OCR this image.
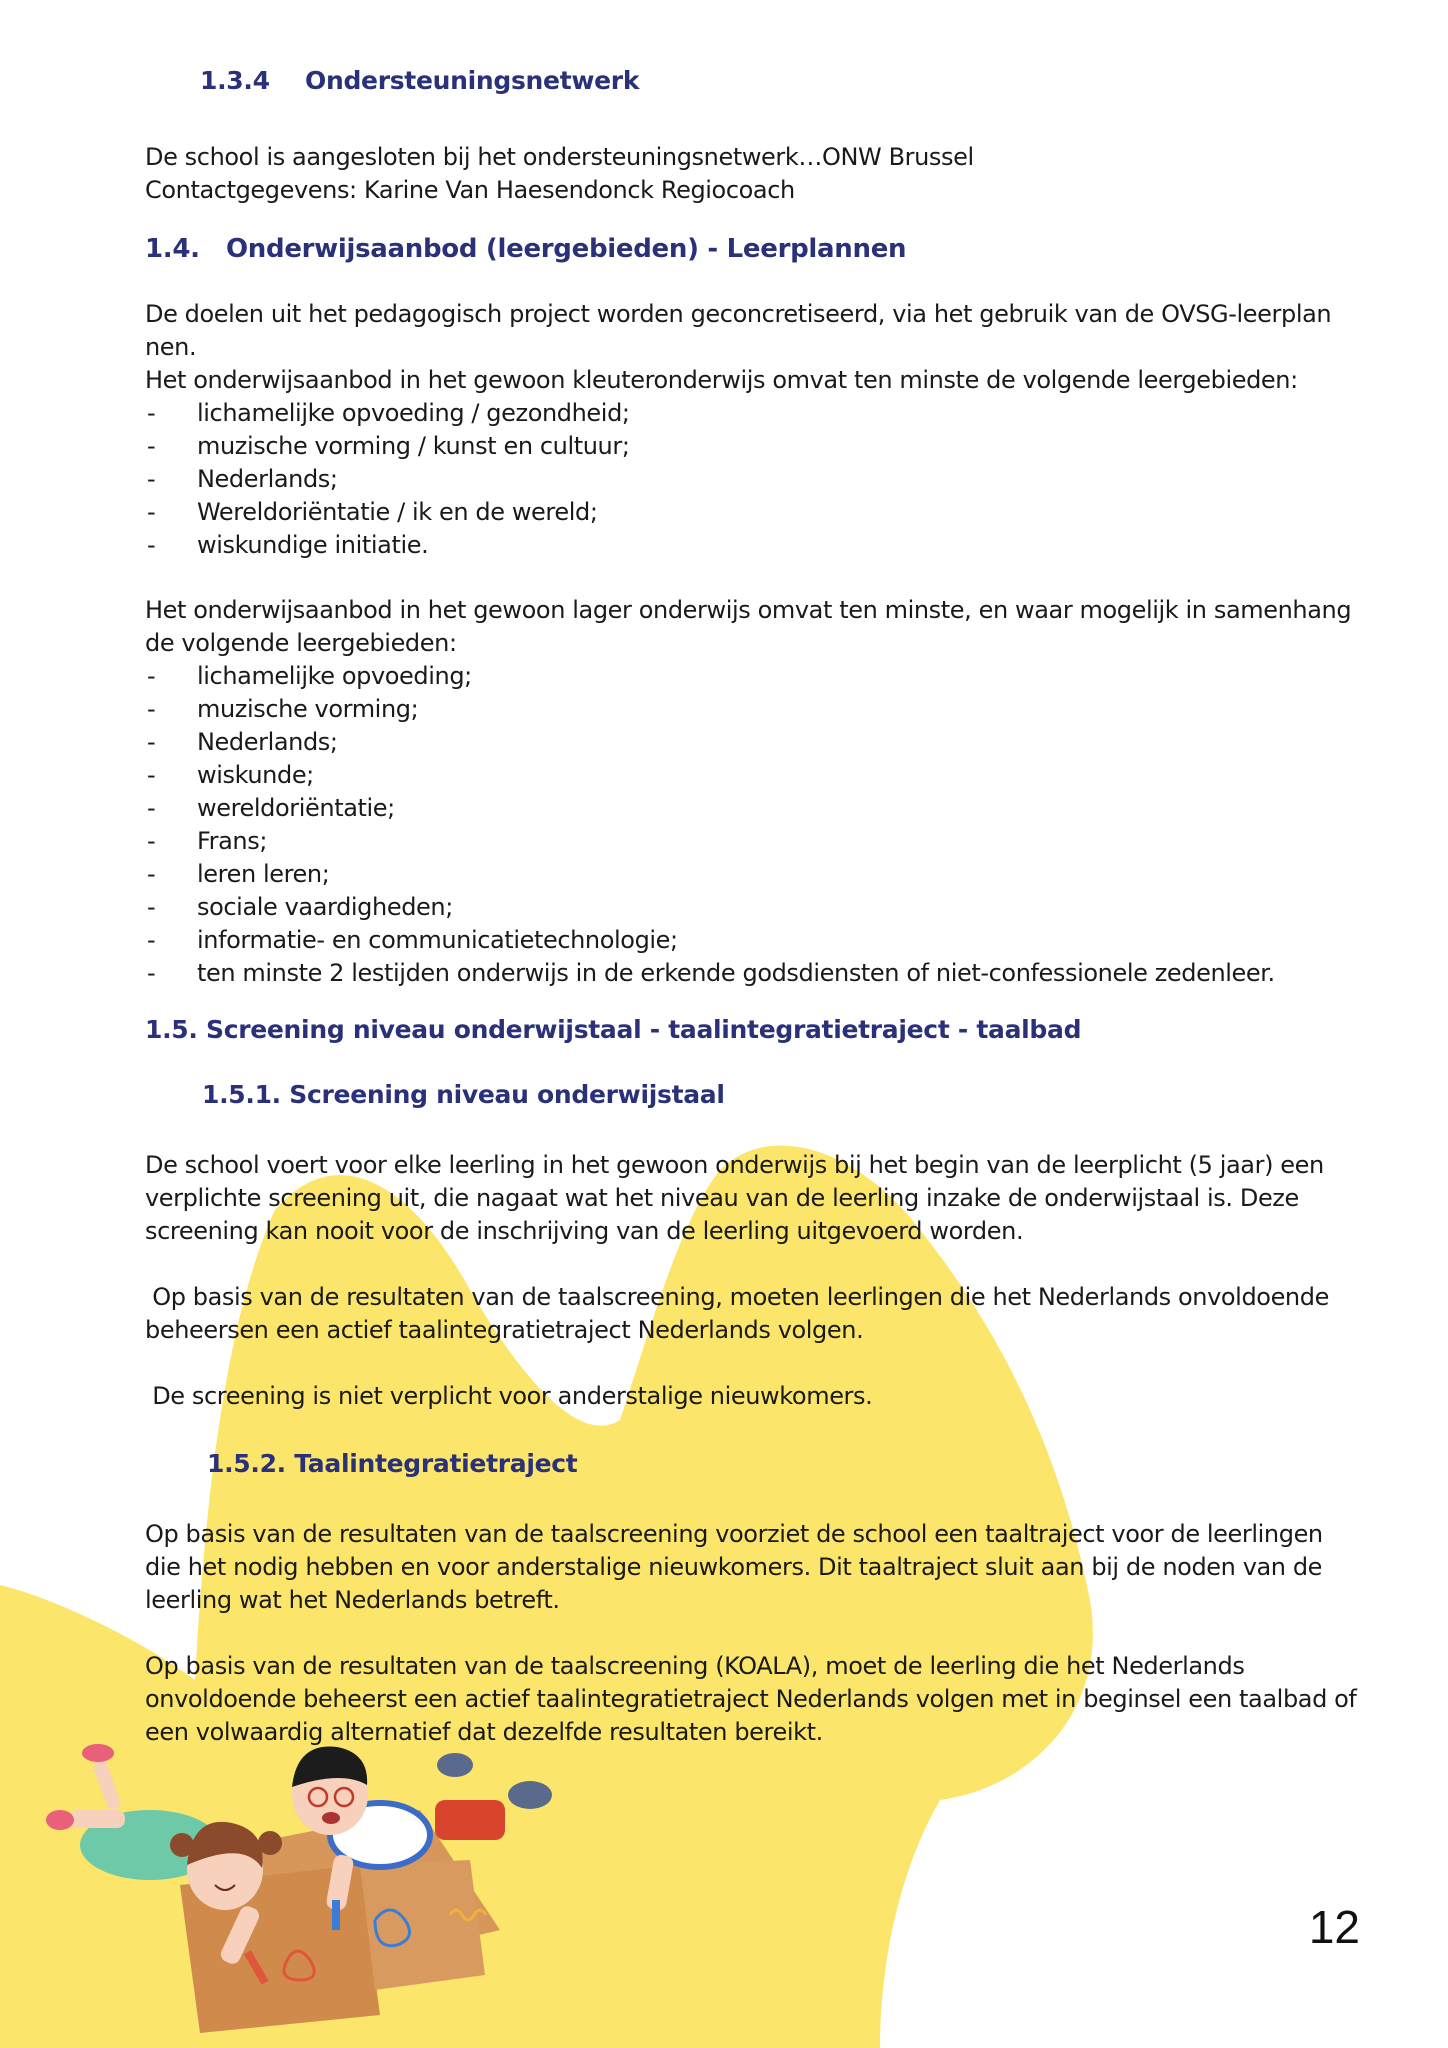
1.3.4 Ondersteuningsnetwerk
De school is aangesloten bij het ondersteuningsnetwerk…ONW Brussel
Contactgegevens: Karine Van Haesendonck Regiocoach
1.4.   Onderwijsaanbod (leergebieden) - Leerplannen
De doelen uit het pedagogisch project worden geconcretiseerd, via het gebruik van de OVSG-leerplan
nen.
Het onderwijsaanbod in het gewoon kleuteronderwijs omvat ten minste de volgende leergebieden:
- lichamelijke opvoeding / gezondheid;
- muzische vorming / kunst en cultuur;
- Nederlands;
- Wereldoriëntatie / ik en de wereld;
- wiskundige initiatie.
Het onderwijsaanbod in het gewoon lager onderwijs omvat ten minste, en waar mogelijk in samenhang
de volgende leergebieden:
- lichamelijke opvoeding;
- muzische vorming;
- Nederlands;
- wiskunde;
- wereldoriëntatie;
- Frans;
- leren leren;
- sociale vaardigheden;
- informatie- en communicatietechnologie;
- ten minste 2 lestijden onderwijs in de erkende godsdiensten of niet-confessionele zedenleer.
1.5. Screening niveau onderwijstaal - taalintegratietraject - taalbad
1.5.1. Screening niveau onderwijstaal
De school voert voor elke leerling in het gewoon onderwijs bij het begin van de leerplicht (5 jaar) een
verplichte screening uit, die nagaat wat het niveau van de leerling inzake de onderwijstaal is. Deze
screening kan nooit voor de inschrijving van de leerling uitgevoerd worden.
Op basis van de resultaten van de taalscreening, moeten leerlingen die het Nederlands onvoldoende
beheersen een actief taalintegratietraject Nederlands volgen.
De screening is niet verplicht voor anderstalige nieuwkomers.
1.5.2. Taalintegratietraject
Op basis van de resultaten van de taalscreening voorziet de school een taaltraject voor de leerlingen
die het nodig hebben en voor anderstalige nieuwkomers. Dit taaltraject sluit aan bij de noden van de
leerling wat het Nederlands betreft.
Op basis van de resultaten van de taalscreening (KOALA), moet de leerling die het Nederlands
onvoldoende beheerst een actief taalintegratietraject Nederlands volgen met in beginsel een taalbad of
een volwaardig alternatief dat dezelfde resultaten bereikt.
12
